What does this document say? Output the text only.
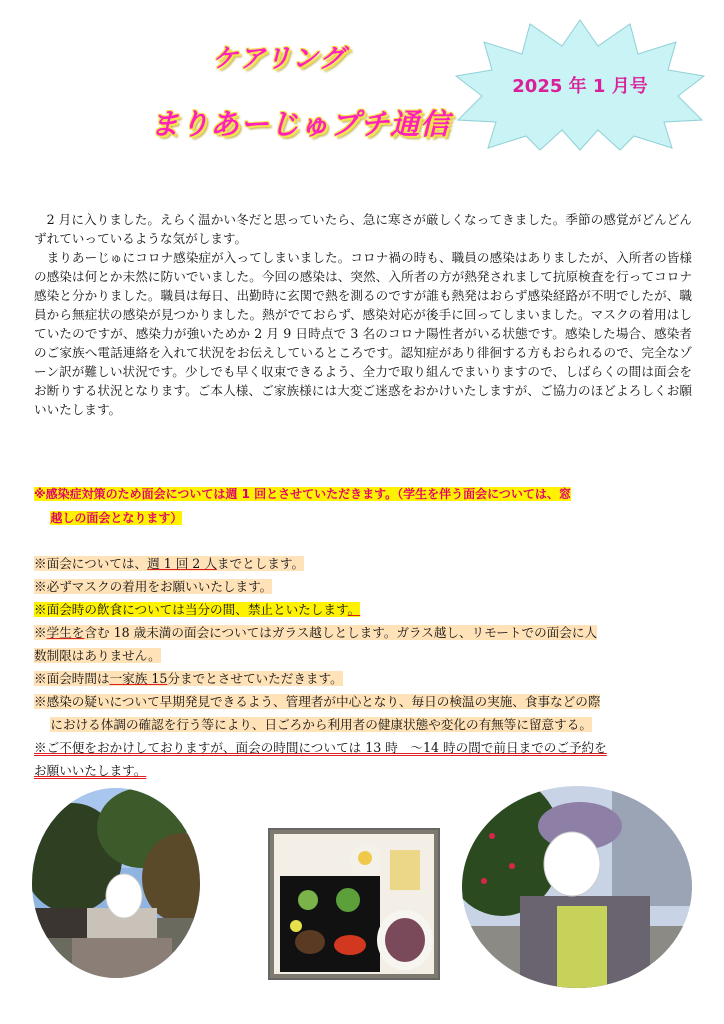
ケアリング
まりあーじゅプチ通信
2025 年 1 月号

2 月に入りました。えらく温かい冬だと思っていたら、急に寒さが厳しくなってきました。季節の感覚がどんどんずれていっているような気がします。

まりあーじゅにコロナ感染症が入ってしまいました。コロナ禍の時も、職員の感染はありましたが、入所者の皆様の感染は何とか未然に防いでいました。今回の感染は、突然、入所者の方が熱発されまして抗原検査を行ってコロナ感染と分かりました。職員は毎日、出勤時に玄関で熱を測るのですが誰も熱発はおらず感染経路が不明でしたが、職員から無症状の感染が見つかりました。熱がでておらず、感染対応が後手に回ってしまいました。マスクの着用はしていたのですが、感染力が強いためか 2 月 9 日時点で 3 名のコロナ陽性者がいる状態です。感染した場合、感染者のご家族へ電話連絡を入れて状況をお伝えしているところです。認知症があり徘徊する方もおられるので、完全なゾーン訳が難しい状況です。少しでも早く収束できるよう、全力で取り組んでまいりますので、しばらくの間は面会をお断りする状況となります。ご本人様、ご家族様には大変ご迷惑をおかけいたしますが、ご協力のほどよろしくお願いいたします。

※感染症対策のため面会については週 1 回とさせていただきます。（学生を伴う面会については、窓
越しの面会となります）
※面会については、週 1 回 2 人までとします。
※必ずマスクの着用をお願いいたします。
※面会時の飲食については当分の間、禁止といたします。
※学生を含む 18 歳未満の面会についてはガラス越しとします。ガラス越し、リモートでの面会に人
数制限はありません。
※面会時間は一家族 15分までとさせていただきます。
※感染の疑いについて早期発見できるよう、管理者が中心となり、毎日の検温の実施、食事などの際
における体調の確認を行う等により、日ごろから利用者の健康状態や変化の有無等に留意する。
※ご不便をおかけしておりますが、面会の時間については 13 時　～14 時の間で前日までのご予約を
お願いいたします。
